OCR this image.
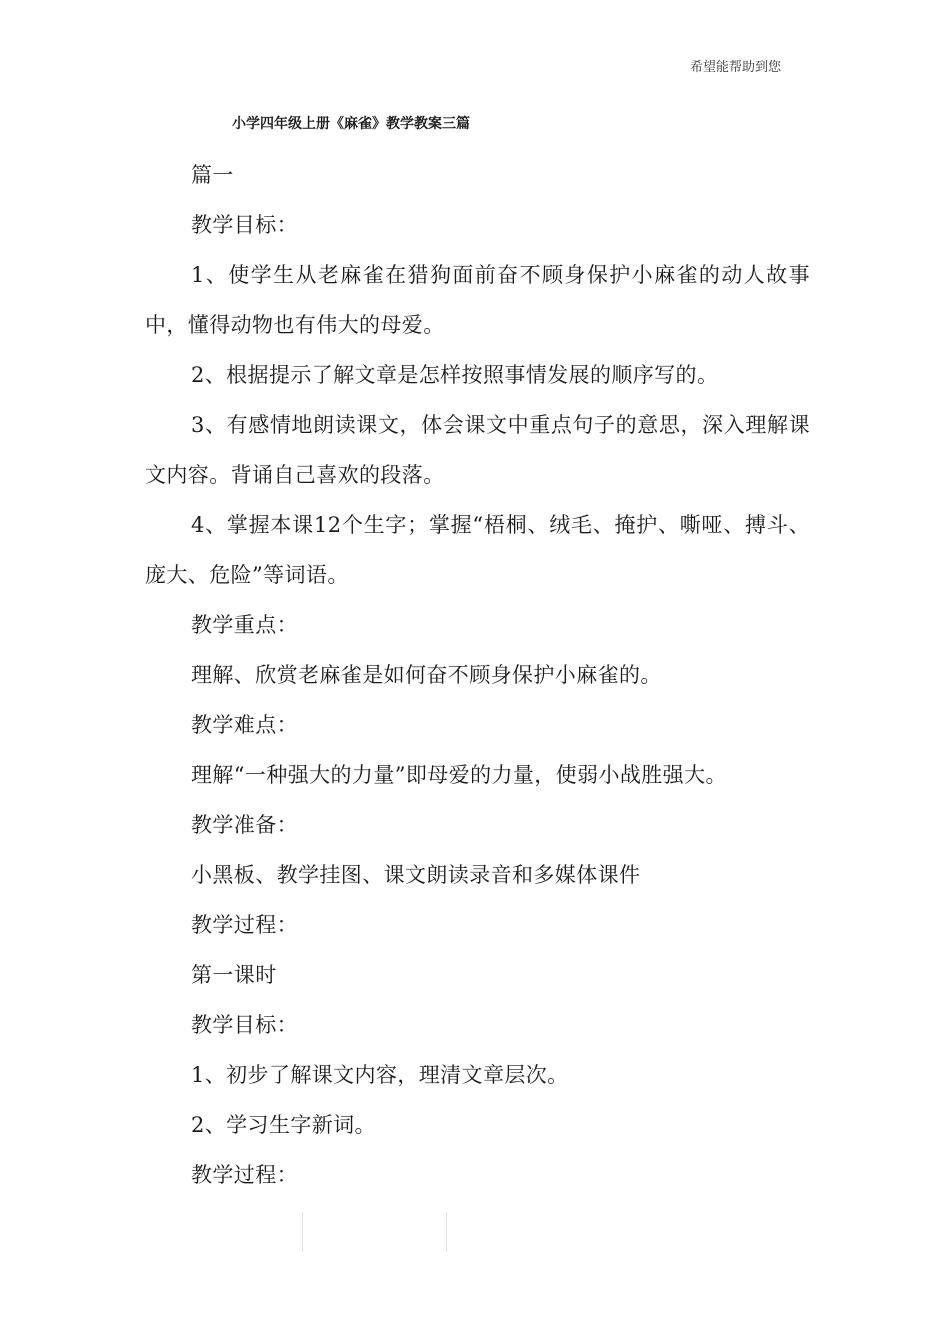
希望能帮助到您
小学四年级上册《麻雀》教学教案三篇

篇一

教学目标：

1、使学生从老麻雀在猎狗面前奋不顾身保护小麻雀的动人故事中，懂得动物也有伟大的母爱。

2、根据提示了解文章是怎样按照事情发展的顺序写的。

3、有感情地朗读课文，体会课文中重点句子的意思，深入理解课文内容。背诵自己喜欢的段落。

4、掌握本课12个生字；掌握“梧桐、绒毛、掩护、嘶哑、搏斗、庞大、危险”等词语。

教学重点：

理解、欣赏老麻雀是如何奋不顾身保护小麻雀的。

教学难点：

理解“一种强大的力量”即母爱的力量，使弱小战胜强大。

教学准备：

小黑板、教学挂图、课文朗读录音和多媒体课件

教学过程：

第一课时

教学目标：

1、初步了解课文内容，理清文章层次。

2、学习生字新词。

教学过程：
